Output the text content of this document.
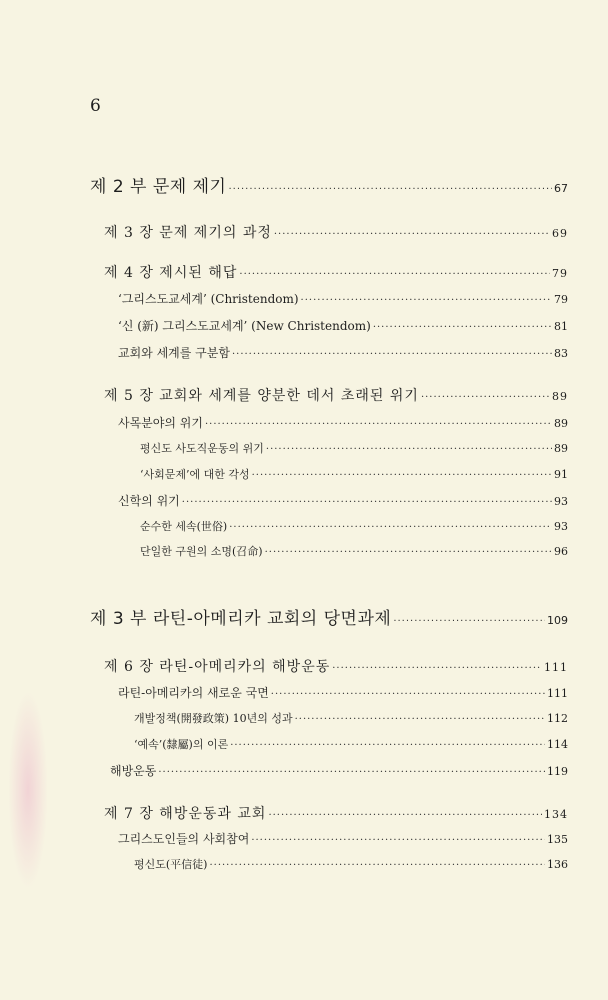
6
제 2 부 문제 제기 ·····	67
제 3 장 문제 제기의 과정 ·····	69
제 4 장 제시된 해답 ·····	79
‘그리스도교세계’ (Christendom) ·····	79
‘신 (新) 그리스도교세계’ (New Christendom) ·····	81
교회와 세계를 구분함 ·····	83
제 5 장 교회와 세계를 양분한 데서 초래된 위기 ·····	89
사목분야의 위기 ·····	89
평신도 사도직운동의 위기 ·····	89
‘사회문제’에 대한 각성 ·····	91
신학의 위기 ·····	93
순수한 세속(世俗) ·····	93
단일한 구원의 소명(召命) ·····	96
제 3 부 라틴-아메리카 교회의 당면과제 ·····	109
제 6 장 라틴-아메리카의 해방운동 ·····	111
라틴-아메리카의 새로운 국면 ·····	111
개발정책(開發政策) 10년의 성과 ·····	112
‘예속’(隸屬)의 이론 ·····	114
해방운동 ·····	119
제 7 장 해방운동과 교회 ·····	134
그리스도인들의 사회참여 ·····	135
평신도(平信徒) ·····	136
